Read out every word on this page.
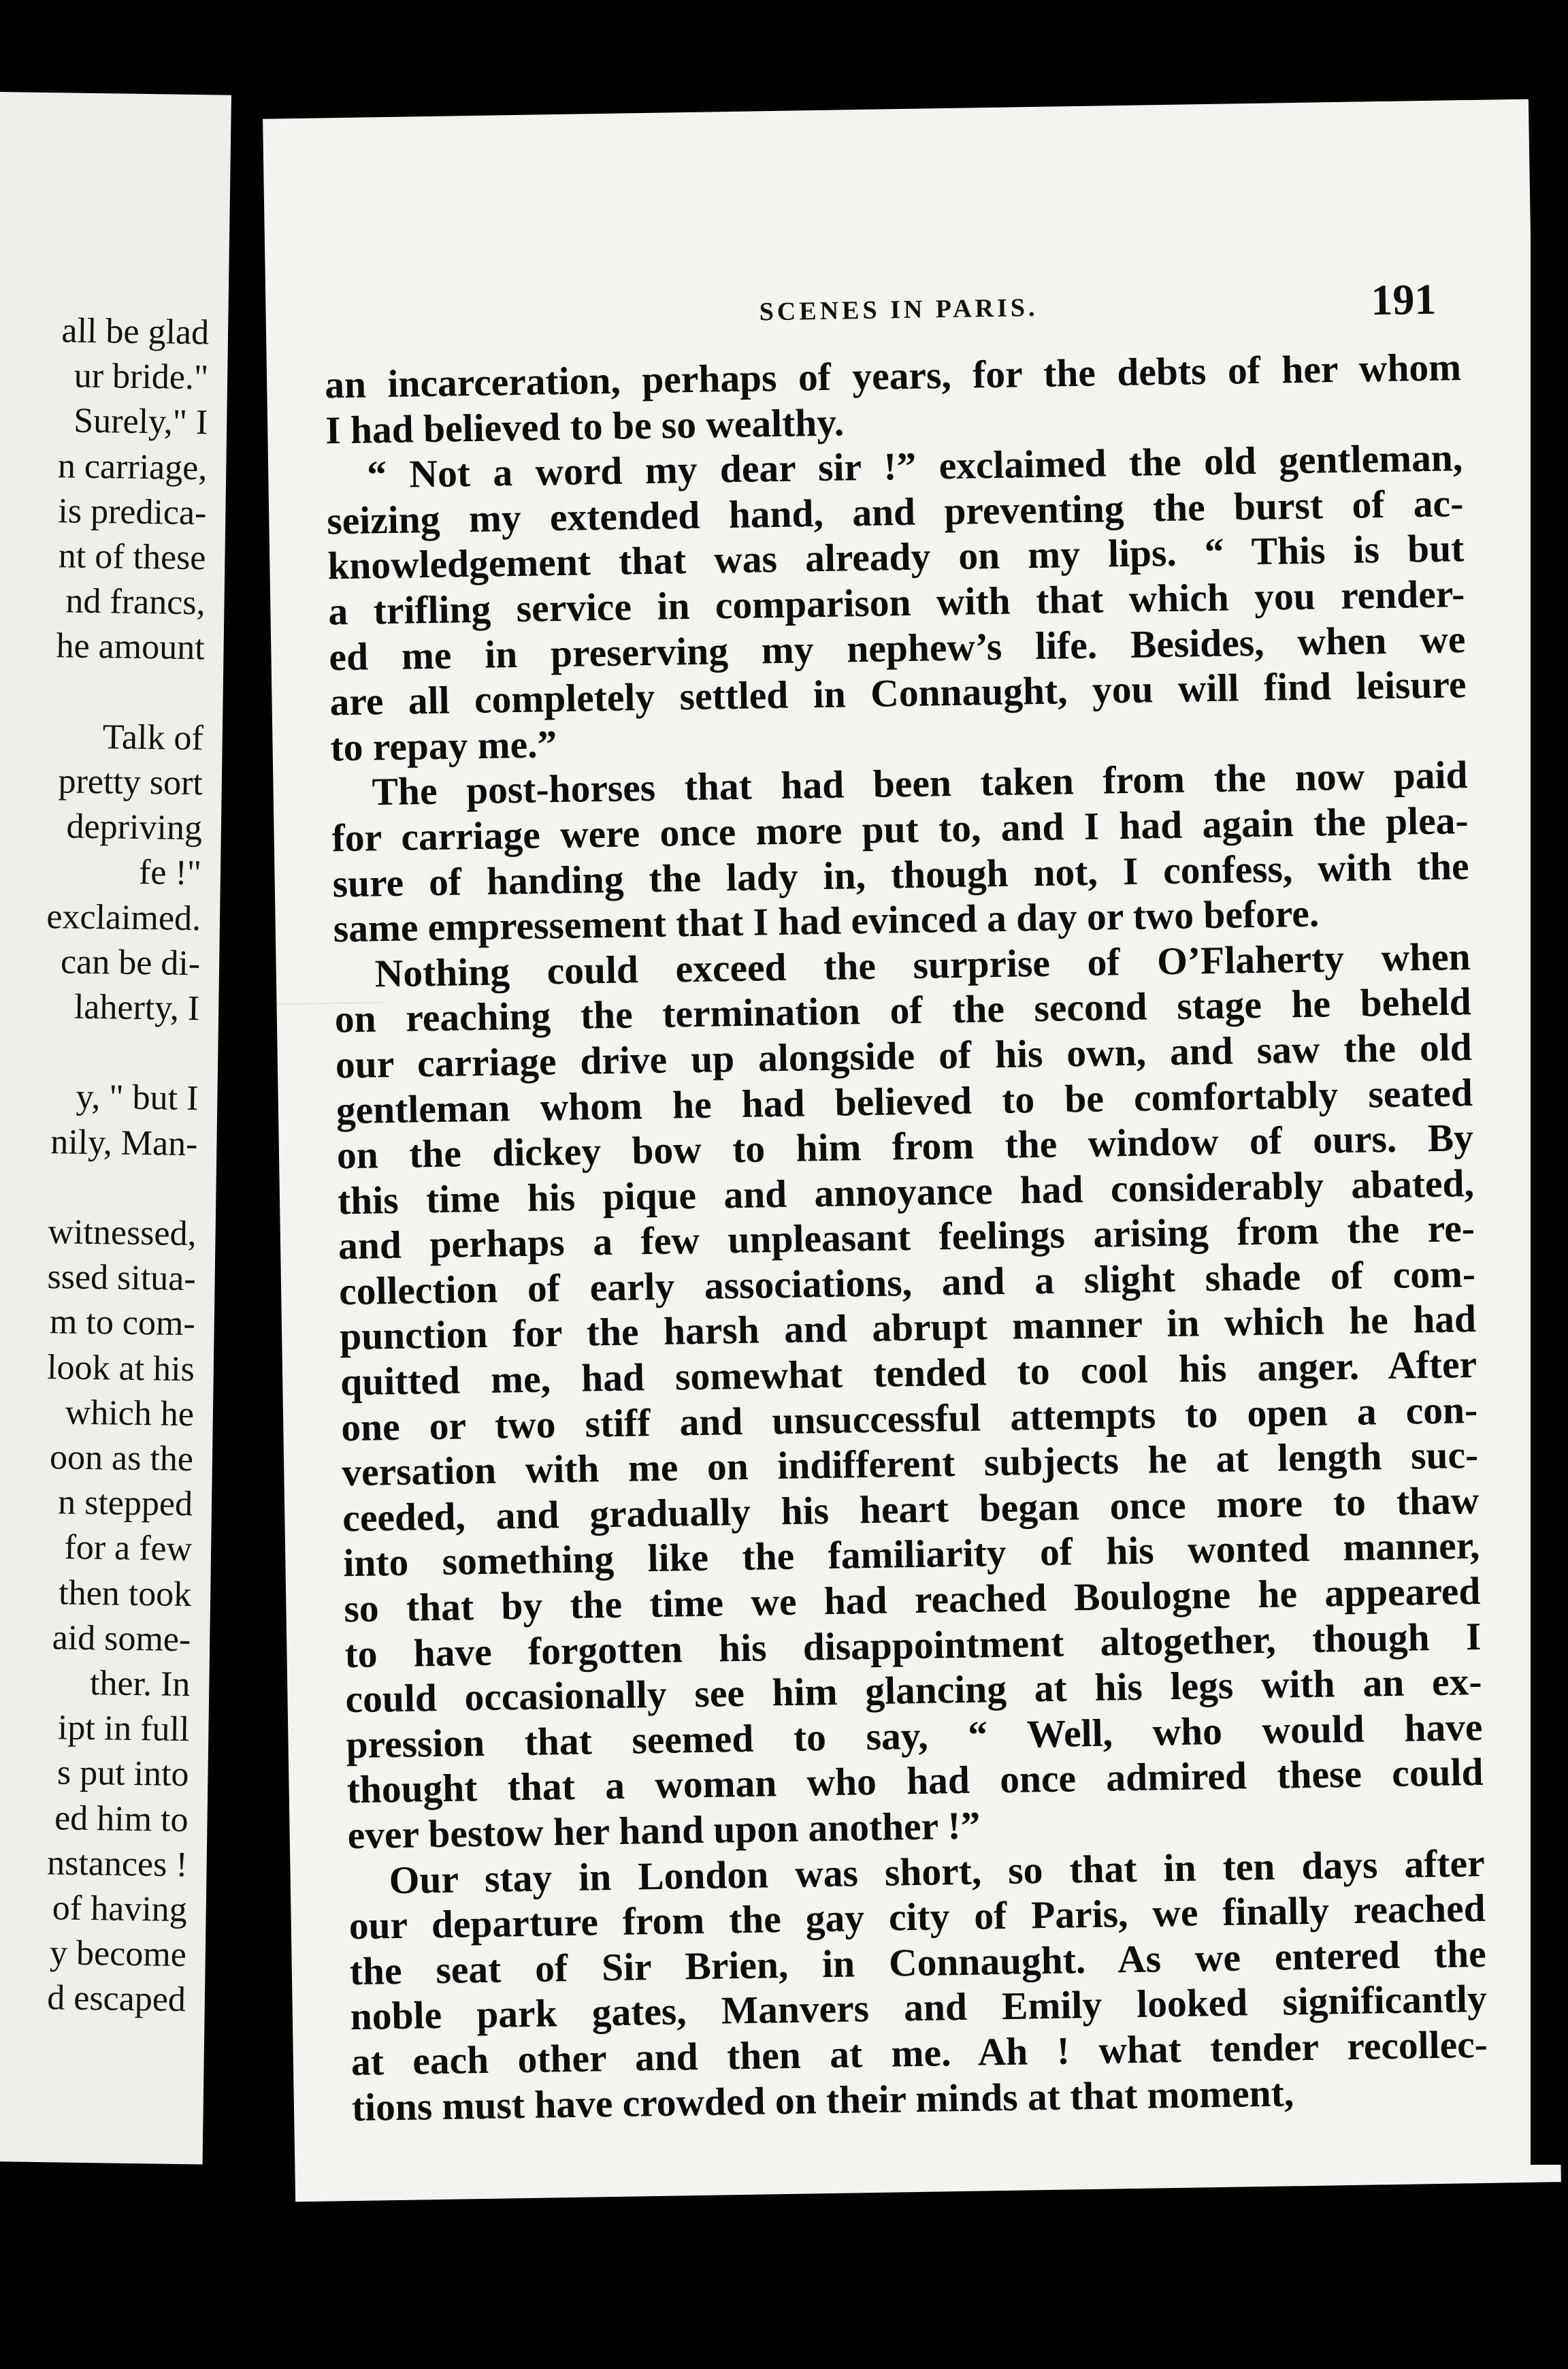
all be glad
ur bride."
Surely," I
n carriage,
is predica-
nt of these
nd francs,
he amount
Talk of
pretty sort
depriving
fe !"
exclaimed.
can be di-
laherty, I
y, " but I
nily, Man-
witnessed,
ssed situa-
m to com-
look at his
which he
oon as the
n stepped
for a few
then took
aid some-
ther. In
ipt in full
s put into
ed him to
nstances !
of having
y become
d escaped
SCENES IN PARIS.	191
an incarceration, perhaps of years, for the debts of her whom
I had believed to be so wealthy.
“ Not a word my dear sir !” exclaimed the old gentleman,
seizing my extended hand, and preventing the burst of ac-
knowledgement that was already on my lips. “ This is but
a trifling service in comparison with that which you render-
ed me in preserving my nephew’s life. Besides, when we
are all completely settled in Connaught, you will find leisure
to repay me.”
The post-horses that had been taken from the now paid
for carriage were once more put to, and I had again the plea-
sure of handing the lady in, though not, I confess, with the
same empressement that I had evinced a day or two before.
Nothing could exceed the surprise of O’Flaherty when
on reaching the termination of the second stage he beheld
our carriage drive up alongside of his own, and saw the old
gentleman whom he had believed to be comfortably seated
on the dickey bow to him from the window of ours. By
this time his pique and annoyance had considerably abated,
and perhaps a few unpleasant feelings arising from the re-
collection of early associations, and a slight shade of com-
punction for the harsh and abrupt manner in which he had
quitted me, had somewhat tended to cool his anger. After
one or two stiff and unsuccessful attempts to open a con-
versation with me on indifferent subjects he at length suc-
ceeded, and gradually his heart began once more to thaw
into something like the familiarity of his wonted manner,
so that by the time we had reached Boulogne he appeared
to have forgotten his disappointment altogether, though I
could occasionally see him glancing at his legs with an ex-
pression that seemed to say, “ Well, who would have
thought that a woman who had once admired these could
ever bestow her hand upon another !”
Our stay in London was short, so that in ten days after
our departure from the gay city of Paris, we finally reached
the seat of Sir Brien, in Connaught. As we entered the
noble park gates, Manvers and Emily looked significantly
at each other and then at me. Ah ! what tender recollec-
tions must have crowded on their minds at that moment,
